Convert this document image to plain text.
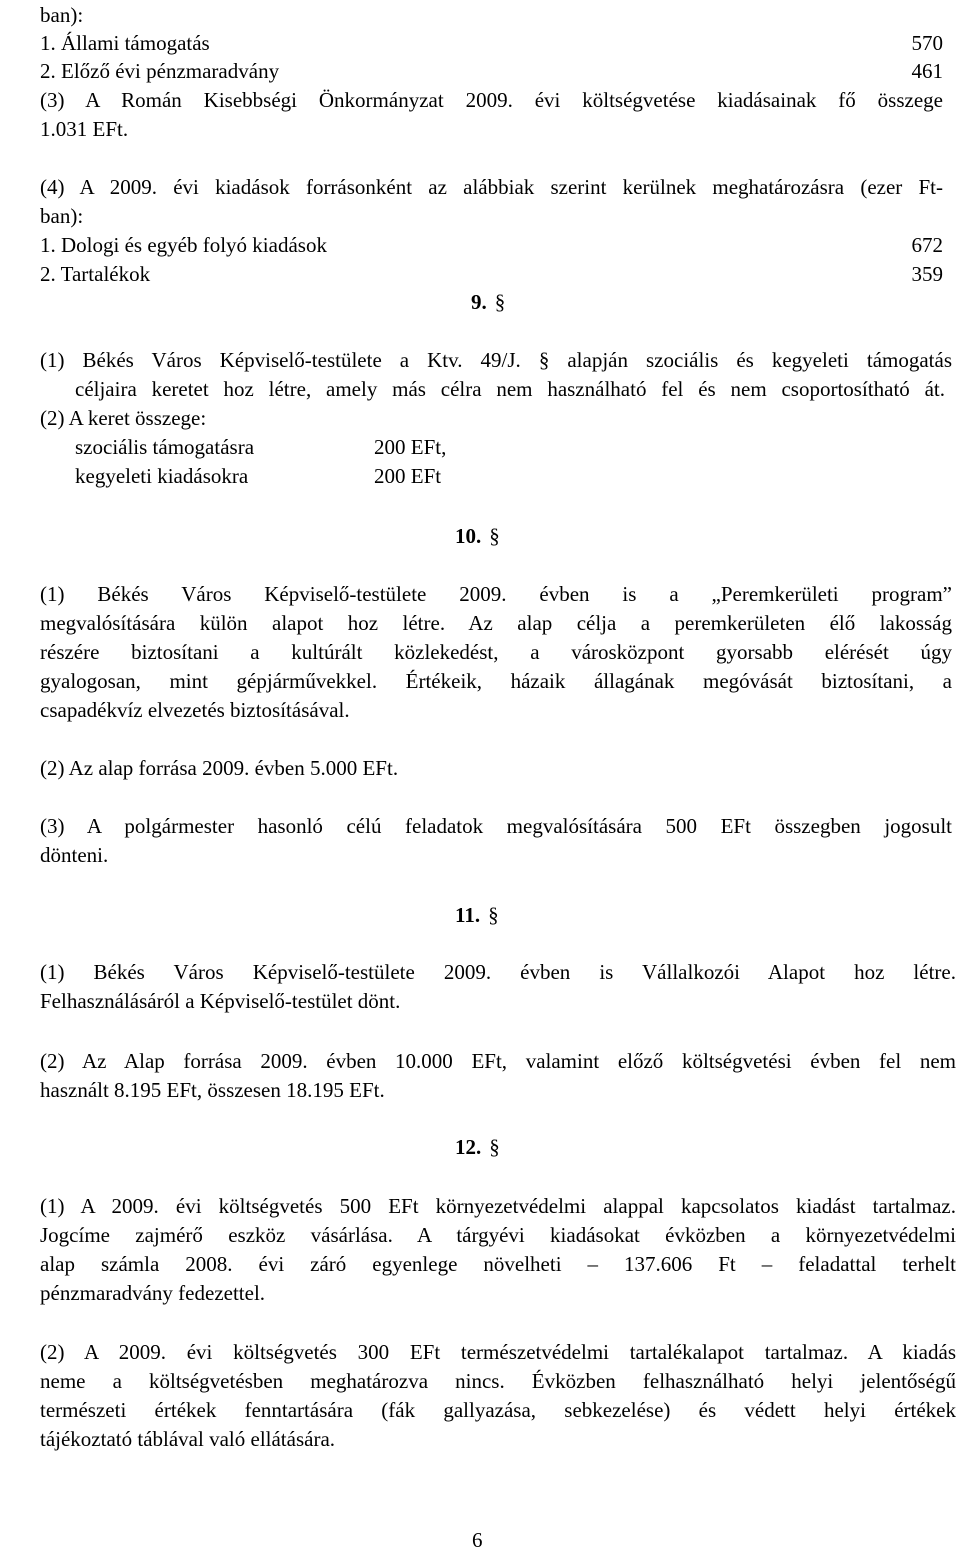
ban):
1. Állami támogatás	570
2. Előző évi pénzmaradvány	461
(3) A Román Kisebbségi Önkormányzat 2009. évi költségvetése kiadásainak fő összege
1.031 EFt.
(4) A 2009. évi kiadások forrásonként az alábbiak szerint kerülnek meghatározásra (ezer Ft-
ban):
1. Dologi és egyéb folyó kiadások	672
2. Tartalékok	359
9. §
(1) Békés Város Képviselő-testülete a Ktv. 49/J. § alapján szociális és kegyeleti támogatás
céljaira keretet hoz létre, amely más célra nem használható fel és nem csoportosítható át.
(2) A keret összege:
szociális támogatásra	200 EFt,
kegyeleti kiadásokra	200 EFt
10. §
(1) Békés Város Képviselő-testülete 2009. évben is a „Peremkerületi program”
megvalósítására külön alapot hoz létre. Az alap célja a peremkerületen élő lakosság
részére biztosítani a kultúrált közlekedést, a városközpont gyorsabb elérését úgy
gyalogosan, mint gépjárművekkel. Értékeik, házaik állagának megóvását biztosítani, a
csapadékvíz elvezetés biztosításával.
(2) Az alap forrása 2009. évben 5.000 EFt.
(3) A polgármester hasonló célú feladatok megvalósítására 500 EFt összegben jogosult
dönteni.
11. §
(1) Békés Város Képviselő-testülete 2009. évben is Vállalkozói Alapot hoz létre.
Felhasználásáról a Képviselő-testület dönt.
(2) Az Alap forrása 2009. évben 10.000 EFt, valamint előző költségvetési évben fel nem
használt 8.195 EFt, összesen 18.195 EFt.
12. §
(1) A 2009. évi költségvetés 500 EFt környezetvédelmi alappal kapcsolatos kiadást tartalmaz.
Jogcíme zajmérő eszköz vásárlása. A tárgyévi kiadásokat évközben a környezetvédelmi
alap számla 2008. évi záró egyenlege növelheti – 137.606 Ft – feladattal terhelt
pénzmaradvány fedezettel.
(2) A 2009. évi költségvetés 300 EFt természetvédelmi tartalékalapot tartalmaz. A kiadás
neme a költségvetésben meghatározva nincs. Évközben felhasználható helyi jelentőségű
természeti értékek fenntartására (fák gallyazása, sebkezelése) és védett helyi értékek
tájékoztató táblával való ellátására.
6
